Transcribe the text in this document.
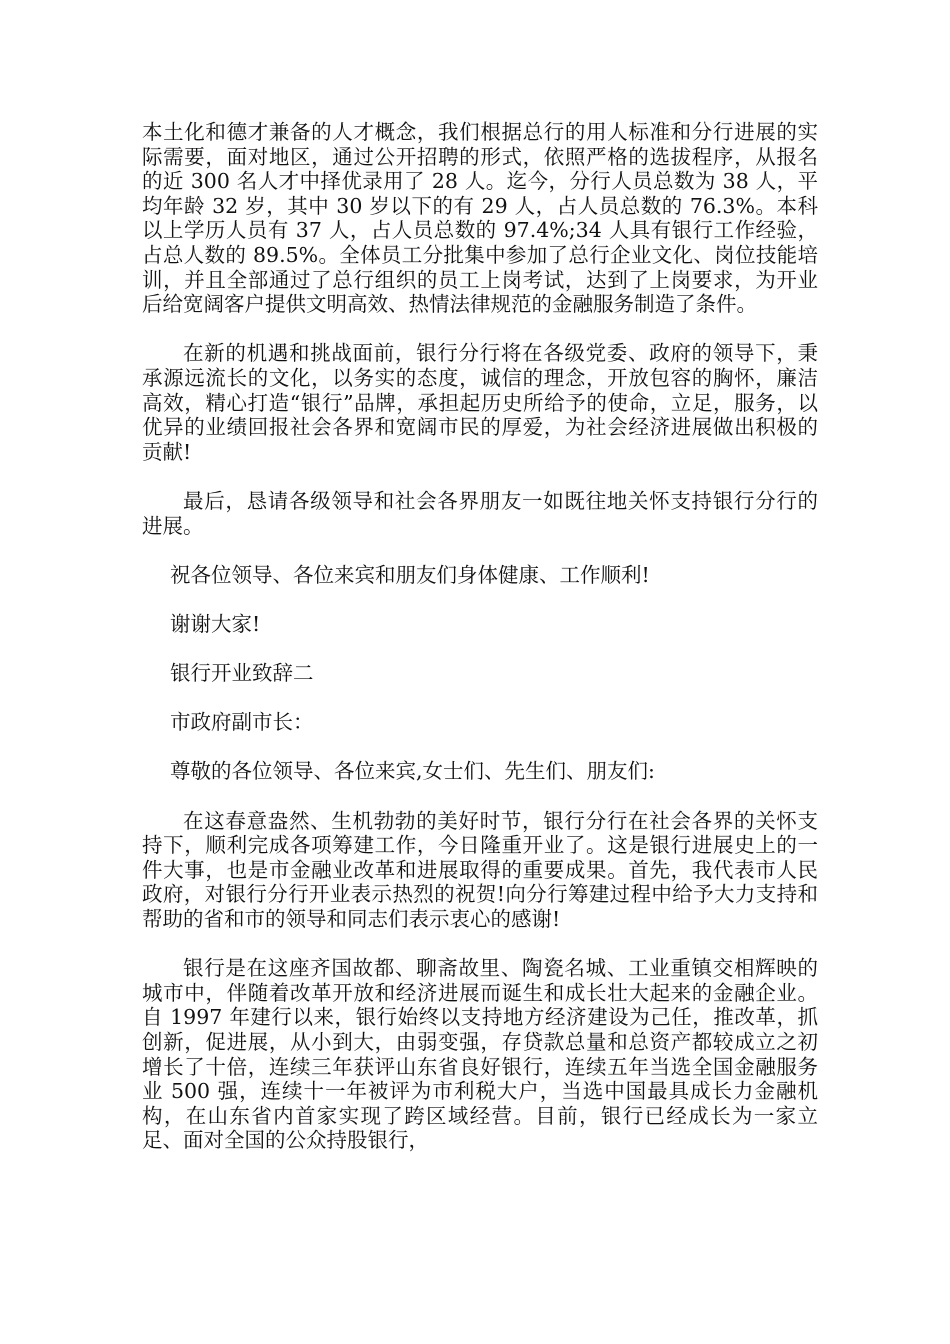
本土化和德才兼备的人才概念，我们根据总行的用人标准和分行进展的实际需要，面对地区，通过公开招聘的形式，依照严格的选拔程序，从报名的近 300 名人才中择优录用了 28 人。迄今，分行人员总数为 38 人，平均年龄 32 岁，其中 30 岁以下的有 29 人，占人员总数的 76.3%。本科以上学历人员有 37 人，占人员总数的 97.4%;34 人具有银行工作经验，占总人数的 89.5%。全体员工分批集中参加了总行企业文化、岗位技能培训，并且全部通过了总行组织的员工上岗考试，达到了上岗要求，为开业后给宽阔客户提供文明高效、热情法律规范的金融服务制造了条件。

在新的机遇和挑战面前，银行分行将在各级党委、政府的领导下，秉承源远流长的文化，以务实的态度，诚信的理念，开放包容的胸怀，廉洁高效，精心打造“银行”品牌，承担起历史所给予的使命，立足，服务，以优异的业绩回报社会各界和宽阔市民的厚爱，为社会经济进展做出积极的贡献!

最后，恳请各级领导和社会各界朋友一如既往地关怀支持银行分行的进展。

祝各位领导、各位来宾和朋友们身体健康、工作顺利!

谢谢大家!

银行开业致辞二

市政府副市长：

尊敬的各位领导、各位来宾,女士们、先生们、朋友们:

在这春意盎然、生机勃勃的美好时节，银行分行在社会各界的关怀支持下，顺利完成各项筹建工作，今日隆重开业了。这是银行进展史上的一件大事，也是市金融业改革和进展取得的重要成果。首先，我代表市人民政府，对银行分行开业表示热烈的祝贺!向分行筹建过程中给予大力支持和帮助的省和市的领导和同志们表示衷心的感谢!

银行是在这座齐国故都、聊斋故里、陶瓷名城、工业重镇交相辉映的城市中，伴随着改革开放和经济进展而诞生和成长壮大起来的金融企业。自 1997 年建行以来，银行始终以支持地方经济建设为己任，推改革，抓创新，促进展，从小到大，由弱变强，存贷款总量和总资产都较成立之初增长了十倍，连续三年获评山东省良好银行，连续五年当选全国金融服务业 500 强，连续十一年被评为市利税大户，当选中国最具成长力金融机构，在山东省内首家实现了跨区域经营。目前，银行已经成长为一家立足、面对全国的公众持股银行，
